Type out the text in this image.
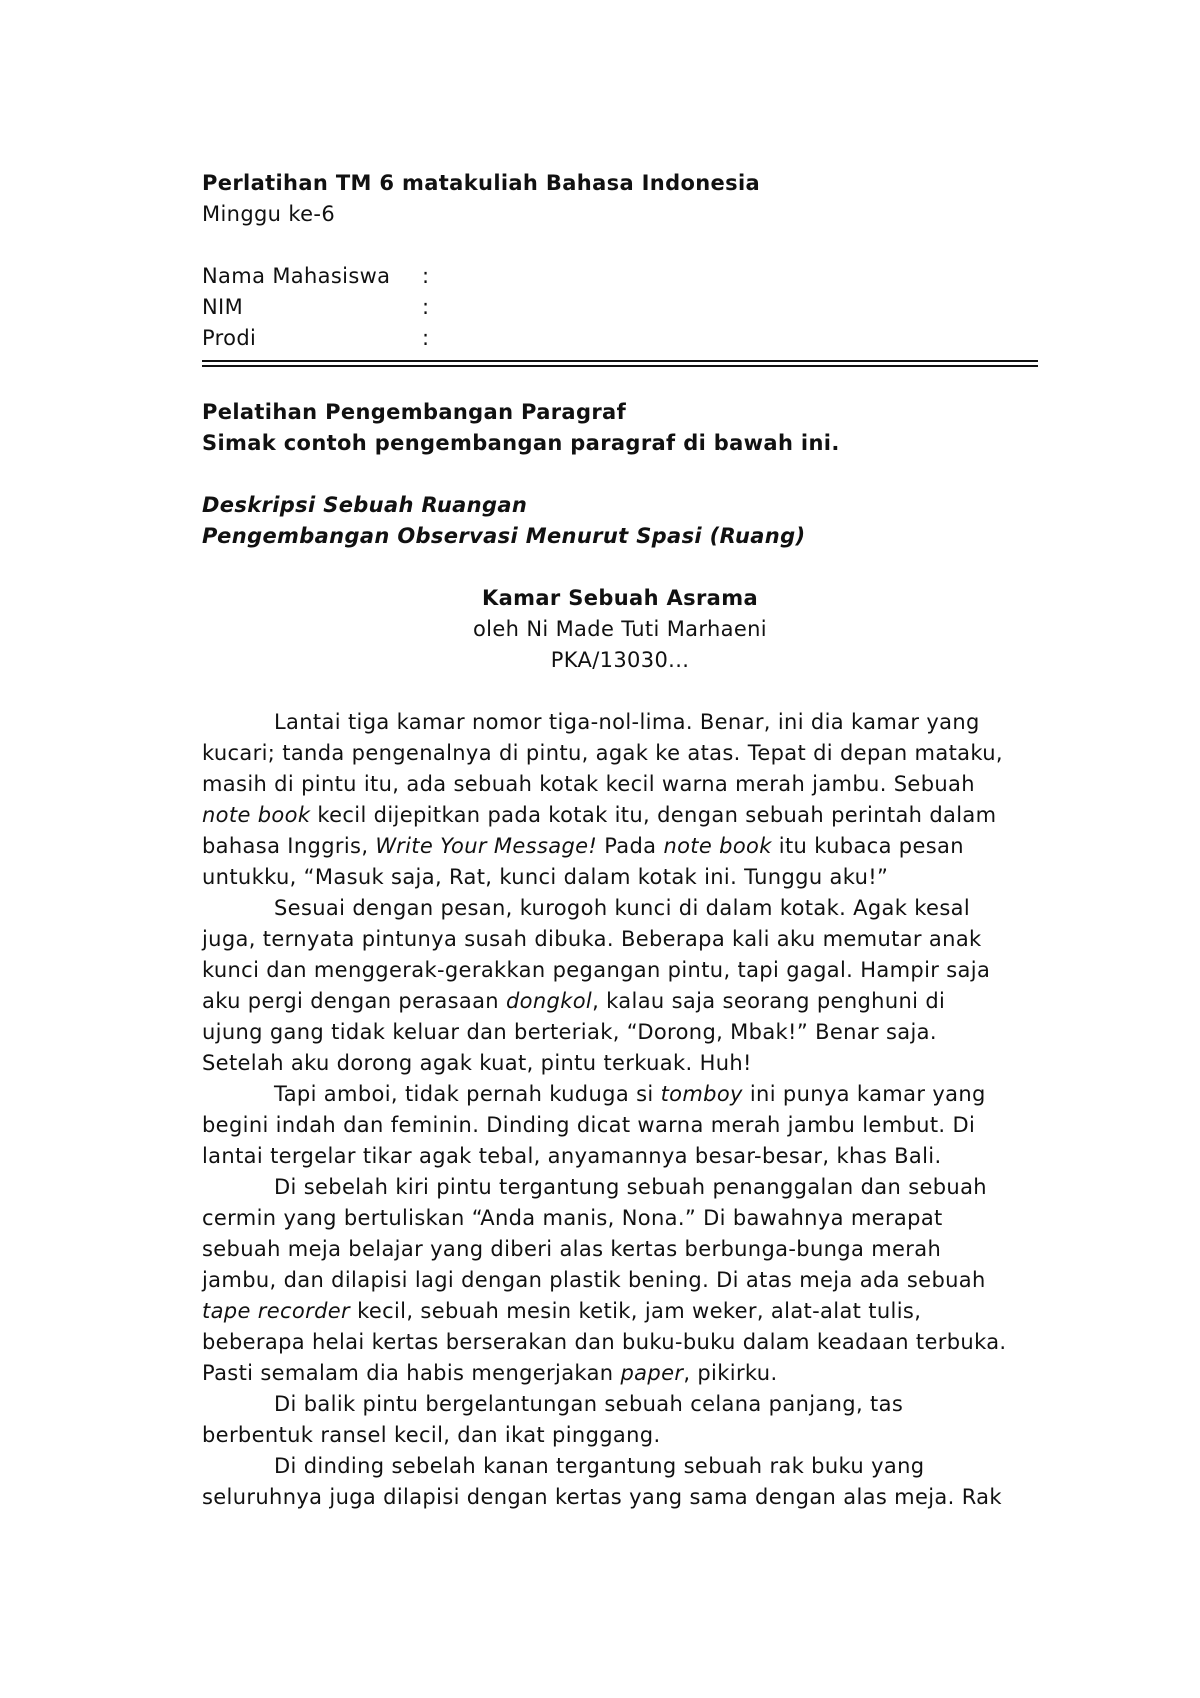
Perlatihan TM 6 matakuliah Bahasa Indonesia
Minggu ke-6
Nama Mahasiswa	:
NIM	:
Prodi	:
Pelatihan Pengembangan Paragraf
Simak contoh pengembangan paragraf di bawah ini.
Deskripsi Sebuah Ruangan
Pengembangan Observasi Menurut Spasi (Ruang)
Kamar Sebuah Asrama
oleh Ni Made Tuti Marhaeni
PKA/13030...
Lantai tiga kamar nomor tiga-nol-lima. Benar, ini dia kamar yang
kucari; tanda pengenalnya di pintu, agak ke atas. Tepat di depan mataku,
masih di pintu itu, ada sebuah kotak kecil warna merah jambu. Sebuah
note book kecil dijepitkan pada kotak itu, dengan sebuah perintah dalam
bahasa Inggris, Write Your Message! Pada note book itu kubaca pesan
untukku, “Masuk saja, Rat, kunci dalam kotak ini. Tunggu aku!”
Sesuai dengan pesan, kurogoh kunci di dalam kotak. Agak kesal
juga, ternyata pintunya susah dibuka. Beberapa kali aku memutar anak
kunci dan menggerak-gerakkan pegangan pintu, tapi gagal. Hampir saja
aku pergi dengan perasaan dongkol, kalau saja seorang penghuni di
ujung gang tidak keluar dan berteriak, “Dorong, Mbak!” Benar saja.
Setelah aku dorong agak kuat, pintu terkuak. Huh!
Tapi amboi, tidak pernah kuduga si tomboy ini punya kamar yang
begini indah dan feminin. Dinding dicat warna merah jambu lembut. Di
lantai tergelar tikar agak tebal, anyamannya besar-besar, khas Bali.
Di sebelah kiri pintu tergantung sebuah penanggalan dan sebuah
cermin yang bertuliskan “Anda manis, Nona.” Di bawahnya merapat
sebuah meja belajar yang diberi alas kertas berbunga-bunga merah
jambu, dan dilapisi lagi dengan plastik bening. Di atas meja ada sebuah
tape recorder kecil, sebuah mesin ketik, jam weker, alat-alat tulis,
beberapa helai kertas berserakan dan buku-buku dalam keadaan terbuka.
Pasti semalam dia habis mengerjakan paper, pikirku.
Di balik pintu bergelantungan sebuah celana panjang, tas
berbentuk ransel kecil, dan ikat pinggang.
Di dinding sebelah kanan tergantung sebuah rak buku yang
seluruhnya juga dilapisi dengan kertas yang sama dengan alas meja. Rak
